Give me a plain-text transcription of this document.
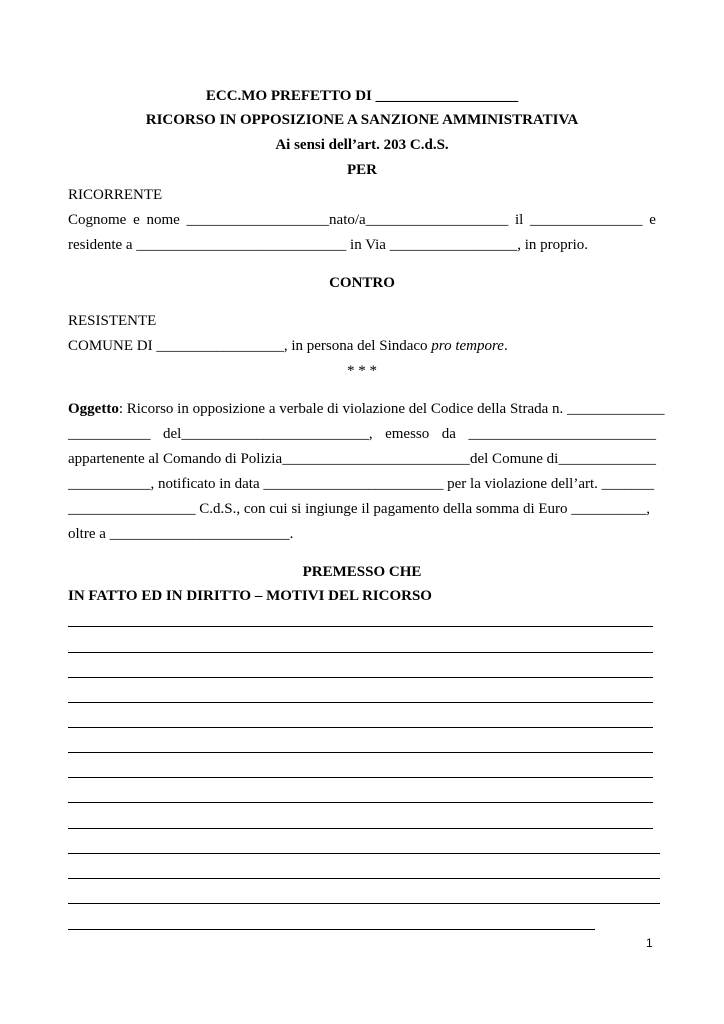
ECC.MO PREFETTO DI ___________________
RICORSO IN OPPOSIZIONE A SANZIONE AMMINISTRATIVA
Ai sensi dell’art. 203 C.d.S.
PER
RICORRENTE
Cognome e nome ___________________nato/a___________________ il _______________ e
residente a ____________________________ in Via _________________, in proprio.
CONTRO
RESISTENTE
COMUNE DI _________________, in persona del Sindaco pro tempore.
* * *
Oggetto: Ricorso in opposizione a verbale di violazione del Codice della Strada n. _____________
___________ del_________________________, emesso da _________________________
appartenente al Comando di Polizia _________________________ del Comune di _____________
___________, notificato in data ________________________ per la violazione dell’art. _______
_________________ C.d.S., con cui si ingiunge il pagamento della somma di Euro __________,
oltre a ________________________.
PREMESSO CHE
IN FATTO ED IN DIRITTO – MOTIVI DEL RICORSO
1
